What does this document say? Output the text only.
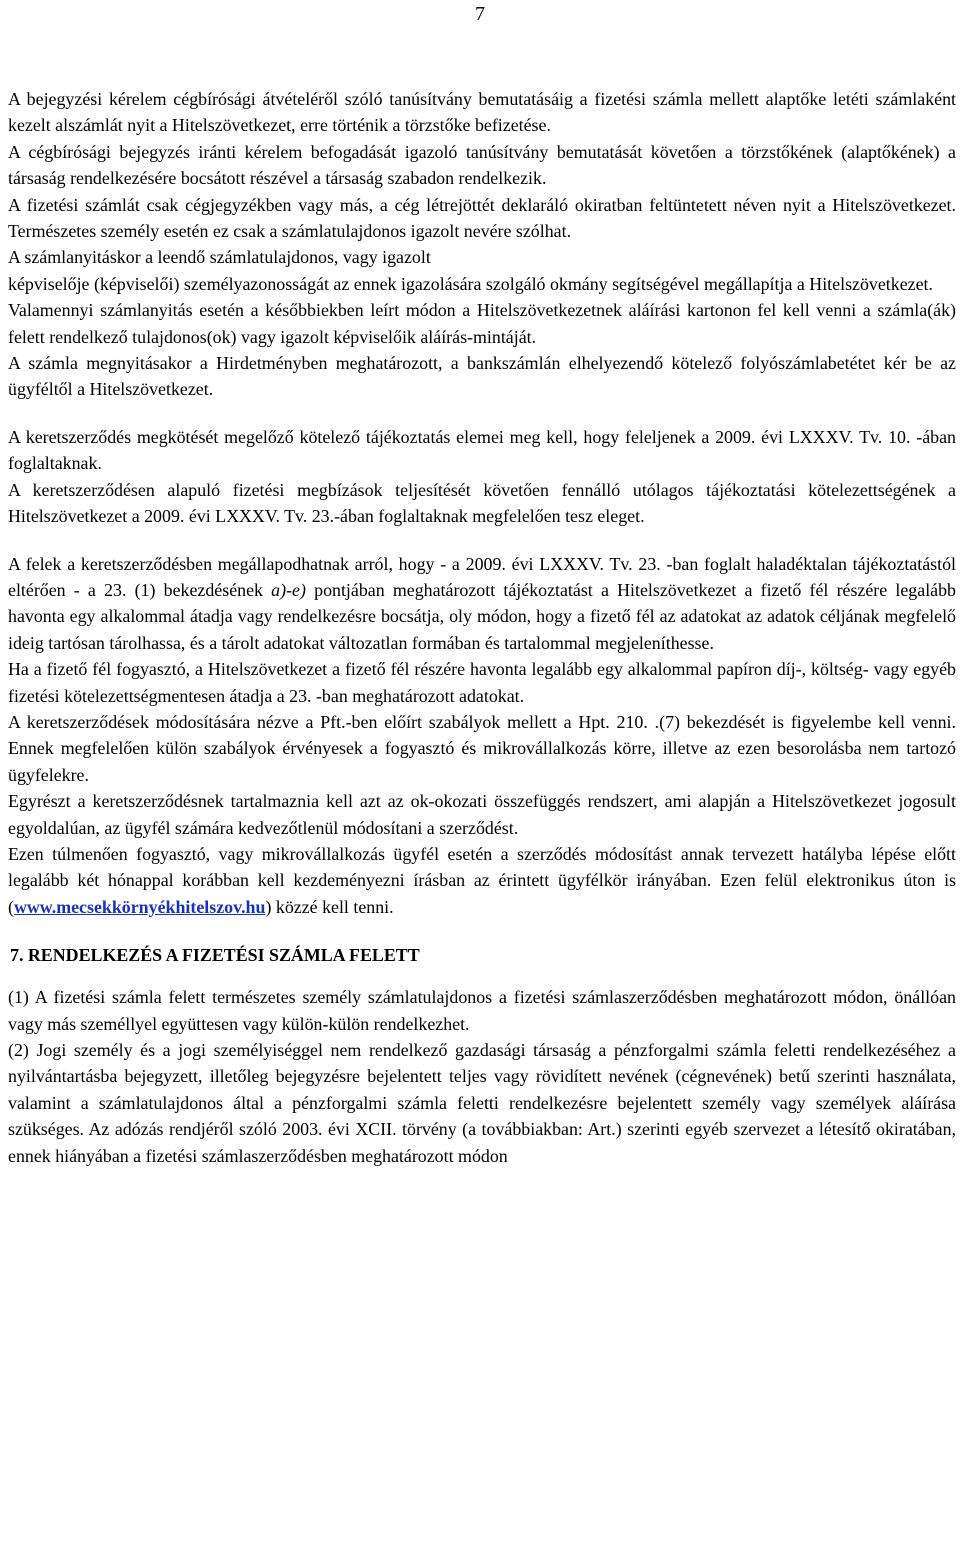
7

A bejegyzési kérelem cégbírósági átvételéről szóló tanúsítvány bemutatásáig a fizetési számla mellett alaptőke letéti számlaként kezelt alszámlát nyit a Hitelszövetkezet, erre történik a törzstőke befizetése.

A cégbírósági bejegyzés iránti kérelem befogadását igazoló tanúsítvány bemutatását követően a törzstőkének (alaptőkének) a társaság rendelkezésére bocsátott részével a társaság szabadon rendelkezik.

A fizetési számlát csak cégjegyzékben vagy más, a cég létrejöttét deklaráló okiratban feltüntetett néven nyit a Hitelszövetkezet. Természetes személy esetén ez csak a számlatulajdonos igazolt nevére szólhat.

A számlanyitáskor a leendő számlatulajdonos, vagy igazolt

képviselője (képviselői) személyazonosságát az ennek igazolására szolgáló okmány segítségével megállapítja a Hitelszövetkezet.

Valamennyi számlanyitás esetén a későbbiekben leírt módon a Hitelszövetkezetnek aláírási kartonon fel kell venni a számla(ák) felett rendelkező tulajdonos(ok) vagy igazolt képviselőik aláírás-mintáját.

A számla megnyitásakor a Hirdetményben meghatározott, a bankszámlán elhelyezendő kötelező folyószámlabetétet kér be az ügyféltől a Hitelszövetkezet.

A keretszerződés megkötését megelőző kötelező tájékoztatás elemei meg kell, hogy feleljenek a 2009. évi LXXXV. Tv. 10. -ában foglaltaknak.

A keretszerződésen alapuló fizetési megbízások teljesítését követően fennálló utólagos tájékoztatási kötelezettségének a Hitelszövetkezet a 2009. évi LXXXV. Tv. 23.-ában foglaltaknak megfelelően tesz eleget.

A felek a keretszerződésben megállapodhatnak arról, hogy - a 2009. évi LXXXV. Tv. 23. -ban foglalt haladéktalan tájékoztatástól eltérően - a 23. (1) bekezdésének a)-e) pontjában meghatározott tájékoztatást a Hitelszövetkezet a fizető fél részére legalább havonta egy alkalommal átadja vagy rendelkezésre bocsátja, oly módon, hogy a fizető fél az adatokat az adatok céljának megfelelő ideig tartósan tárolhassa, és a tárolt adatokat változatlan formában és tartalommal megjeleníthesse.

Ha a fizető fél fogyasztó, a Hitelszövetkezet a fizető fél részére havonta legalább egy alkalommal papíron díj-, költség- vagy egyéb fizetési kötelezettségmentesen átadja a 23. -ban meghatározott adatokat.

A keretszerződések módosítására nézve a Pft.-ben előírt szabályok mellett a Hpt. 210. .(7) bekezdését is figyelembe kell venni. Ennek megfelelően külön szabályok érvényesek a fogyasztó és mikrovállalkozás körre, illetve az ezen besorolásba nem tartozó ügyfelekre.

Egyrészt a keretszerződésnek tartalmaznia kell azt az ok-okozati összefüggés rendszert, ami alapján a Hitelszövetkezet jogosult egyoldalúan, az ügyfél számára kedvezőtlenül módosítani a szerződést.

Ezen túlmenően fogyasztó, vagy mikrovállalkozás ügyfél esetén a szerződés módosítást annak tervezett hatályba lépése előtt legalább két hónappal korábban kell kezdeményezni írásban az érintett ügyfélkör irányában. Ezen felül elektronikus úton is (www.mecsekkörnyékhitelszov.hu) közzé kell tenni.

7. RENDELKEZÉS A FIZETÉSI SZÁMLA FELETT

(1) A fizetési számla felett természetes személy számlatulajdonos a fizetési számlaszerződésben meghatározott módon, önállóan vagy más személlyel együttesen vagy külön-külön rendelkezhet.

(2) Jogi személy és a jogi személyiséggel nem rendelkező gazdasági társaság a pénzforgalmi számla feletti rendelkezéséhez a nyilvántartásba bejegyzett, illetőleg bejegyzésre bejelentett teljes vagy rövidített nevének (cégnevének) betű szerinti használata, valamint a számlatulajdonos által a pénzforgalmi számla feletti rendelkezésre bejelentett személy vagy személyek aláírása szükséges. Az adózás rendjéről szóló 2003. évi XCII. törvény (a továbbiakban: Art.) szerinti egyéb szervezet a létesítő okiratában, ennek hiányában a fizetési számlaszerződésben meghatározott módon
